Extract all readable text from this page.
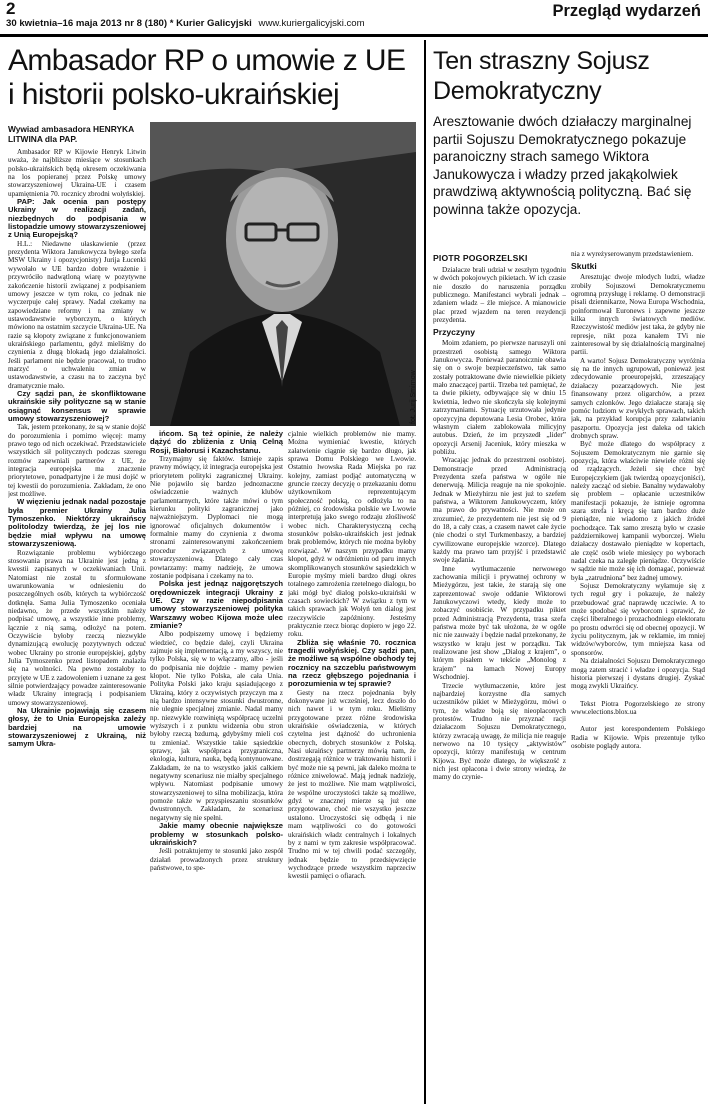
2
30 kwietnia–16 maja 2013 nr 8 (180) * Kurier Galicyjski www.kuriergalicyjski.com
Przegląd wydarzeń
Ambasador RP o umowie z UE i historii polsko-ukraińskiej
Wywiad ambasadora HENRYKA LITWINA dla PAP.
fot. Jurij Smirnow

Ambasador RP w Kijowie Henryk Litwin uważa, że najbliższe miesiące w stosunkach polsko-ukraińskich będą okresem oczekiwania na los popieranej przez Polskę umowy stowarzyszeniowej Ukraina-UE i czasem upamiętnienia 70. rocznicy zbrodni wołyńskiej.

PAP: Jak ocenia pan postępy Ukrainy w realizacji zadań, niezbędnych do podpisania w listopadzie umowy stowarzyszeniowej z Unią Europejską?

H.L.: Niedawne ułaskawienie (przez prezydenta Wiktora Janukowycza byłego szefa MSW Ukrainy i opozycjonisty) Jurija Łucenki wywołało w UE bardzo dobre wrażenie i przywróciło nadwątloną wiarę w pozytywne zakończenie historii związanej z podpisaniem umowy jeszcze w tym roku, co jednak nie wyczerpuje całej sprawy. Nadal czekamy na zapowiedziane reformy i na zmiany w ustawodawstwie wyborczym, o których mówiono na ostatnim szczycie Ukraina-UE. Na razie są kłopoty związane z funkcjonowaniem ukraińskiego parlamentu, gdyż mieliśmy do czynienia z długą blokadą jego działalności. Jeśli parlament nie będzie pracował, to trudno marzyć o uchwaleniu zmian w ustawodawstwie, a czasu na to zaczyna być dramatycznie mało.

Czy sądzi pan, że skonfliktowane ukraińskie siły polityczne są w stanie osiągnąć konsensus w sprawie umowy stowarzyszeniowej?

Tak, jestem przekonany, że są w stanie dojść do porozumienia i pomimo więcej: mamy prawo tego od nich oczekiwać. Przedstawiciele wszystkich sił politycznych podczas szeregu rozmów zapewniali partnerów z UE, że integracja europejska ma znaczenie priorytetowe, ponadpartyjne i że musi dojść w tej kwestii do porozumienia. Zakładam, że ono jest możliwe.

W więzieniu jednak nadal pozostaje była premier Ukrainy Julia Tymoszenko. Niektórzy ukraińscy politolodzy twierdzą, że jej los nie będzie miał wpływu na umowę stowarzyszeniową.

Rozwiązanie problemu wybiórczego stosowania prawa na Ukrainie jest jedną z kwestii zapisanych w oczekiwaniach Unii. Natomiast nie został tu sformułowane uwarunkowania w odniesieniu do poszczególnych osób, których ta wybiórczość dotknęła. Sama Julia Tymoszenko oceniała niedawno, że przede wszystkim należy podpisać umowę, a wszystkie inne problemy, łącznie z nią samą, odłożyć na potem. Oczywiście byłoby rzeczą niezwykle dynamizującą ewolucję pozytywnych odczuć wobec Ukrainy po stronie europejskiej, gdyby Julia Tymoszenko przed listopadem znalazła się na wolności. Na pewno zostałoby to przyjęte w UE z zadowoleniem i uznane za gest silnie potwierdzający powadze zainteresowanie władz Ukrainy integracją i podpisaniem umowy stowarzyszeniowej.

Na Ukrainie pojawiają się czasem głosy, że to Unia Europejska zależy bardziej na umowie stowarzyszeniowej z Ukrainą, niż samym Ukra-

ińcom. Są też opinie, że należy dążyć do zbliżenia z Unią Celną Rosji, Białorusi i Kazachstanu.

Trzymajmy się faktów. Istnieje zapis prawny mówiący, iż integracja europejska jest priorytetem polityki zagranicznej Ukrainy. Nie pojawiło się bardzo jednoznaczne oświadczenie ważnych klubów parlamentarnych, które także mówi o tym kierunku polityki zagranicznej jako najważniejszym. Dyplomaci nie mogą ignorować oficjalnych dokumentów i formalnie mamy do czynienia z dwoma stronami zainteresowanymi zakończeniem procedur związanych z umową stowarzyszeniową. Dlatego cały czas powtarzamy: mamy nadzieję, że umowa zostanie podpisana i czekamy na to.

Polska jest jednąz najgorętszych orędowniczek integracji Ukrainy z UE. Czy w razie niepodpisania umowy stowarzyszeniowej polityka Warszawy wobec Kijowa może ulec zmianie?

Albo podpiszemy umowę i będziemy wiedzieć, co będzie dalej, czyli Ukraina zajmuje się implementacją, a my wszyscy, nie tylko Polska, się w to włączamy, albo - jeśli do podpisania nie dojdzie - mamy pewien kłopot. Nie tylko Polska, ale cała Unia. Polityka Polski jako kraju sąsiadującego z Ukrainą, który z oczywistych przyczyn ma z nią bardzo intensywne stosunki dwustronne, nie ulegnie specjalnej zmianie. Nadal mamy np. niezwykle rozwiniętą współpracę uczelni wyższych i z punktu widzenia obu stron byłoby rzeczą bzdurną, gdybyśmy mieli coś tu zmieniać. Wszystkie takie sąsiedzkie sprawy, jak współpraca przygraniczna, ekologia, kultura, nauka, będą kontynuowane. Zakładam, że na to wszystko jakiś całkiem negatywny scenariusz nie miałby specjalnego wpływu. Natomiast podpisanie umowy stowarzyszeniowej to silna mobilizacja, która pomoże także w przyspieszaniu stosunków dwustronnych. Zakładam, że scenariusz negatywny się nie spełni.

Jakie mamy obecnie największe problemy w stosunkach polsko-ukraińskich?

Jeśli potraktujemy te stosunki jako zespół działań prowadzonych przez struktury państwowe, to spe-

cjalnie wielkich problemów nie mamy. Można wymieniać kwestie, których załatwienie ciągnie się bardzo długo, jak sprawa Domu Polskiego we Lwowie. Ostatnio lwowska Rada Miejska po raz kolejny, zamiast podjąć automatyczną w gruncie rzeczy decyzję o przekazaniu domu użytkownikom reprezentującym społeczność polską, co odłożyła to na później, co środowiska polskie we Lwowie interpretują jako swego rodzaju złośliwość wobec nich. Charakterystyczną cechą stosunków polsko-ukraińskich jest jednak brak problemów, których nie można byłoby rozwiązać. W naszym przypadku mamy kłopot, gdyż w odróżnieniu od paru innych skomplikowanych stosunków sąsiedzkich w Europie myśmy mieli bardzo długi okres totalnego zamrożenia rzetelnego dialogu, bo jaki mógł być dialog polsko-ukraiński w czasach sowieckich? W związku z tym w takich sprawach jak Wołyń ten dialog jest rzeczywiście zapóźniony. Jesteśmy praktycznie rzecz biorąc dopiero w jego 22. roku.

Zbliża się właśnie 70. rocznica tragedii wołyńskiej. Czy sądzi pan, że możliwe są wspólne obchody tej rocznicy na szczeblu państwowym na rzecz głębszego pojednania i porozumienia w tej sprawie?

Gesty na rzecz pojednania były dokonywane już wcześniej, lecz doszło do nich nawet i w tym roku. Mieliśmy przygotowane przez różne środowiska ukraińskie oświadczenia, w których czytelna jest dążność do uchronienia obecnych, dobrych stosunków z Polską. Nasi ukraińscy partnerzy mówią nam, że dostrzegają różnice w traktowaniu historii i być może nie są pewni, jak daleko można te różnice zniwelować. Mają jednak nadzieję, że jest to możliwe. Nie mam wątpliwości, że wspólne uroczystości także są możliwe, gdyż w znacznej mierze są już one przygotowane, choć nie wszystko jeszcze ustalono. Uroczystości się odbędą i nie mam wątpliwości co do gotowości ukraińskich władz centralnych i lokalnych by z nami w tym zakresie współpracować. Trudno mi w tej chwili podać szczegóły, jednak będzie to przedsięwzięcie wychodzące przede wszystkim naprzeciw kwestii pamięci o ofiarach.

Ten straszny Sojusz Demokratyczny
Aresztowanie dwóch działaczy marginalnej partii Sojuszu Demokratycznego pokazuje paranoiczny strach samego Wiktora Janukowycza i władzy przed jakąkolwiek prawdziwą aktywnością polityczną. Bać się powinna także opozycja.
PIOTR POGORZELSKI

Działacze brali udział w zeszłym tygodniu w dwóch pokojowych pikietach. W ich czasie nie doszło do naruszenia porządku publicznego. Manifestanci wybrali jednak – zdaniem władz – źle miejsce. A mianowicie plac przed wjazdem na teren rezydencji prezydenta.

Przyczyny

Moim zdaniem, po pierwsze naruszyli oni przestrzeń osobistą samego Wiktora Janukowycza. Ponieważ paranoicznie obawia się on o swoje bezpieczeństwo, tak samo zostały potraktowane dwie niewielkie pikiety mało znaczącej partii. Trzeba też pamiętać, że ta dwie pikiety, odbywające się w dniu 15 kwietnia, ledwo nie skończyła się kolejnymi zatrzymaniami. Sytuację urzutowała jedynie opozycyjna deputowana Lesia Orobec, która własnym ciałem zablokowała milicyjny autobus. Dzień, że im przyszedł „lider” opozycji Arsenij Jaceniuk, który mieszka w pobliżu.

Wracając jednak do przestrzeni osobistej. Demonstracje przed Administracją Prezydenta szefa państwa w ogóle nie denerwują. Milicja reaguje na nie spokojnie. Jednak w Mieżyhirzu nie jest już to szefem państwa, a Wiktorem Janukowyczem, który ma prawo do prywatności. Nie może on zrozumieć, że prezydentem nie jest się od 9 do 18, a cały czas, a czasem nawet całe życie (nie chodzi o styl Turkmenbaszy, a bardziej cywilizowane europejskie wzorce). Dlatego każdy ma prawo tam przyjść i przedstawić swoje żądania.

Inne wytłumaczenie nerwowego zachowania milicji i prywatnej ochrony w Mieżygórzu, jest takie, że starają się one zaprezentować swoje oddanie Wiktorowi Janukowyczowi wtedy, kiedy może to zobaczyć osobiście. W przypadku pikiet przed Administracją Prezydenta, trasa szefa państwa może być tak ułożona, że w ogóle nic nie zauważy i będzie nadal przekonany, że wszystko w kraju jest w porządku. Tak realizowane jest show „Dialog z krajem”, o którym pisałem w tekście „Monolog z krajem” na łamach Nowej Europy Wschodniej.

Trzecie wytłumaczenie, które jest najbardziej korzystne dla samych uczestników pikiet w Mieżygórzu, mówi o tym, że władze boją się nieoplaconych protestów. Trudno nie przyznać racji działaczom Sojuszu Demokratycznego, którzy zwracają uwagę, że milicja nie reaguje nerwowo na 10 tysięcy „aktywistów” opozycji, którzy manifestują w centrum Kijowa. Być może dlatego, że większość z nich jest opłacona i dwie strony wiedzą, że mamy do czynie-

nia z wyreżyserowanym przedstawieniem.

Skutki

Aresztując dwoje młodych ludzi, władze zrobiły Sojuszowi Demokratycznemu ogromną przysługę i reklamę. O demonstracji pisali dziennikarze, Nowa Europa Wschodnia, poinformował Euronews i zapewne jeszcze kilka innych światowych mediów. Rzeczywistość mediów jest taka, że gdyby nie represje, nikt poza kanałem TVi nie zainteresował by się działalnością marginalnej partii.

A warto! Sojusz Demokratyczny wyróżnia się na tle innych ugrupowań, ponieważ jest zdecydowanie proeuropejski, zrzeszający działaczy pozarządowych. Nie jest finansowany przez oligarchów, a przez samych członków. Jego działacze starają się pomóc ludziom w zwykłych sprawach, takich jak, na przykład korupcja przy załatwianiu paszportu. Opozycja jest daleka od takich drobnych spraw.

Być może dlatego do współpracy z Sojuszem Demokratycznym nie garnie się opozycja, która właściwie niewiele różni się od rządzących. Jeżeli się chce być Europejczykiem (jak twierdzą opozycjoniści), należy zacząć od siebie. Banalny wydawałoby się problem – opłacanie uczestników manifestacji pokazuje, że istnieje ogromna szara strefa i kręcą się tam bardzo duże pieniądze, nie wiadomo z jakich źródeł pochodzące. Tak samo zresztą było w czasie październikowej kampanii wyborczej. Wielu działaczy dostawało pieniądze w kopertach, ale część osób wiele miesięcy po wyborach nadal czeka na zaległe pieniądze. Oczywiście w sądzie nie może się ich domagać, ponieważ była „zatrudniona” bez żadnej umowy.

Sojusz Demokratyczny wyłamuje się z tych reguł gry i pokazuje, że należy przebudować grać naprawdę uczciwie. A to może spodobać się wyborcom i sprawić, że części liberalnego i prozachodniego elektoratu po prostu odwróci się od obecnej opozycji. W życiu politycznym, jak w reklamie, im mniej widzów/wyborców, tym mniejsza kasa od sponsorów.

Na działalności Sojuszu Demokratycznego mogą zatem stracić i władze i opozycja. Stąd historia pierwszej i dystans drugiej. Zyskać mogą zwykli Ukraińcy.

Tekst Piotra Pogorzelskiego ze strony www.elections.blox.ua

Autor jest korespondentem Polskiego Radia w Kijowie. Wpis prezentuje tylko osobiste poglądy autora.
